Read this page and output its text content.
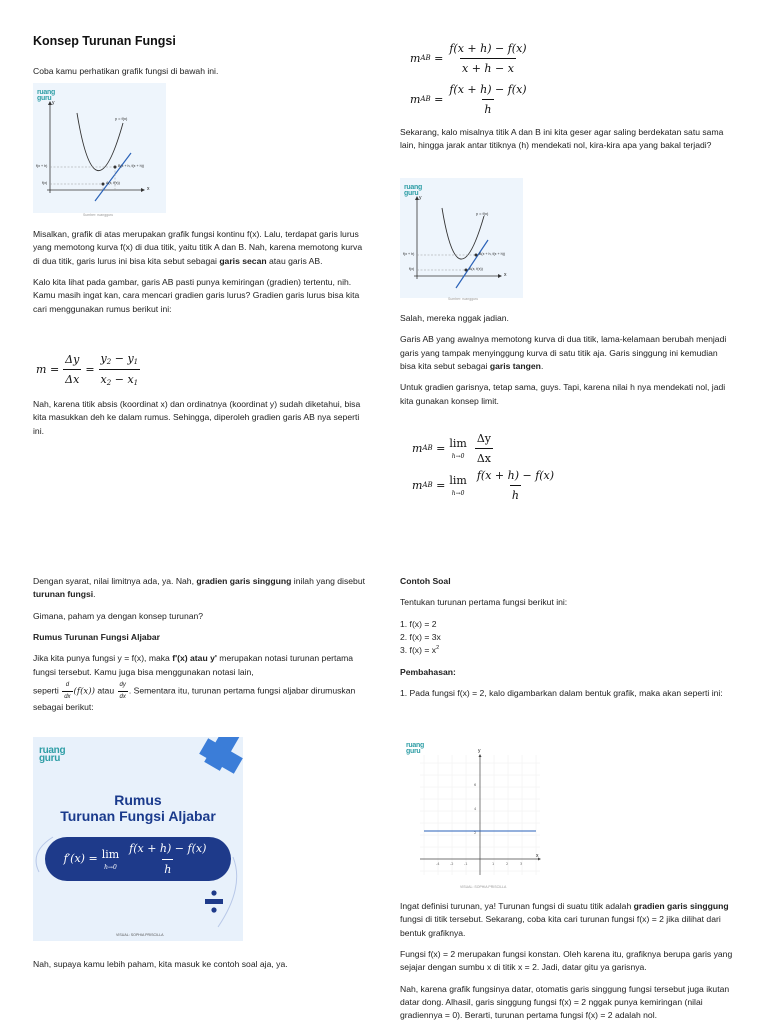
Konsep Turunan Fungsi

Coba kamu perhatikan grafik fungsi di bawah ini.

ruang
guru
y = f(x)
f(x + h)
f(x)
B(x + h, f(x + h))
A(x, f(x))
x
y
Sumber: ruangguru

Misalkan, grafik di atas merupakan grafik fungsi kontinu f(x). Lalu, terdapat garis lurus yang memotong kurva f(x) di dua titik, yaitu titik A dan B. Nah, karena memotong kurva di dua titik, garis lurus ini bisa kita sebut sebagai garis secan atau garis AB.

Kalo kita lihat pada gambar, garis AB pasti punya kemiringan (gradien) tertentu, nih. Kamu masih ingat kan, cara mencari gradien garis lurus? Gradien garis lurus bisa kita cari menggunakan rumus berikut ini:

m
= $\frac{\Delta y}{\Delta x} = \frac{y_2 - y_1}{x_2 - x_1}$

Nah, karena titik absis (koordinat x) dan ordinatnya (koordinat y) sudah diketahui, bisa kita masukkan deh ke dalam rumus. Sehingga, diperoleh gradien garis AB nya seperti ini.

m AB
= $\frac{f(x + h) - f(x)}{x + h - x}$
m AB
= $\frac{f(x + h) - f(x)}{h}$

Sekarang, kalo misalnya titik A dan B ini kita geser agar saling berdekatan satu sama lain, hingga jarak antar titiknya (h) mendekati nol, kira-kira apa yang bakal terjadi?

ruang
guru
y = f(x)
f(x + h)
f(x)
B(x + h, f(x + h))
A(x, f(x))
x
y
Sumber: ruangguru

Salah, mereka nggak jadian.

Garis AB yang awalnya memotong kurva di dua titik, lama-kelamaan berubah menjadi garis yang tampak menyinggung kurva di satu titik aja. Garis singgung ini kemudian bisa kita sebut sebagai garis tangen.

Untuk gradien garisnya, tetap sama, guys. Tapi, karena nilai h nya mendekati nol, jadi kita gunakan konsep limit.

m AB
= lim
$h\to 0 \frac{\Delta y}{\Delta x}$
m AB
= lim
$h\to 0 \frac{f(x + h) - f(x)}{h}$

Dengan syarat, nilai limitnya ada, ya. Nah, gradien garis singgung inilah yang disebut turunan fungsi.

Gimana, paham ya dengan konsep turunan?

Rumus Turunan Fungsi Aljabar

Jika kita punya fungsi y = f(x), maka f'(x) atau y' merupakan notasi turunan pertama fungsi tersebut. Kamu juga bisa menggunakan notasi lain,

seperti $\frac{d}{dx} (f(x))$ atau $\frac{dy}{dx}$ . Sementara itu, turunan pertama fungsi aljabar dirumuskan sebagai berikut:

ruang
guru
Rumus
Turunan Fungsi Aljabar
f′(x) = lim
$h\to 0 \frac{f(x + h) - f(x)}{h}$
VISUAL: SOPHIA PRISCILLA

Nah, supaya kamu lebih paham, kita masuk ke contoh soal aja, ya.

Contoh Soal

Tentukan turunan pertama fungsi berikut ini:

1. f(x) = 2
2. f(x) = 3x
3. $f(x) = x^2$

Pembahasan:

1. Pada fungsi f(x) = 2, kalo digambarkan dalam bentuk grafik, maka akan seperti ini:

ruang
guru
-4	-2	-1	1	2	3
2
4
6
x
y
VISUAL: SOPHIA PRISCILLA

Ingat definisi turunan, ya! Turunan fungsi di suatu titik adalah gradien garis singgung fungsi di titik tersebut. Sekarang, coba kita cari turunan fungsi f(x) = 2 jika dilihat dari bentuk grafiknya.

Fungsi f(x) = 2 merupakan fungsi konstan. Oleh karena itu, grafiknya berupa garis yang sejajar dengan sumbu x di titik x = 2. Jadi, datar gitu ya garisnya.

Nah, karena grafik fungsinya datar, otomatis garis singgung fungsi tersebut juga ikutan datar dong. Alhasil, garis singgung fungsi f(x) = 2 nggak punya kemiringan (nilai gradiennya = 0). Berarti, turunan pertama fungsi f(x) = 2 adalah nol.
